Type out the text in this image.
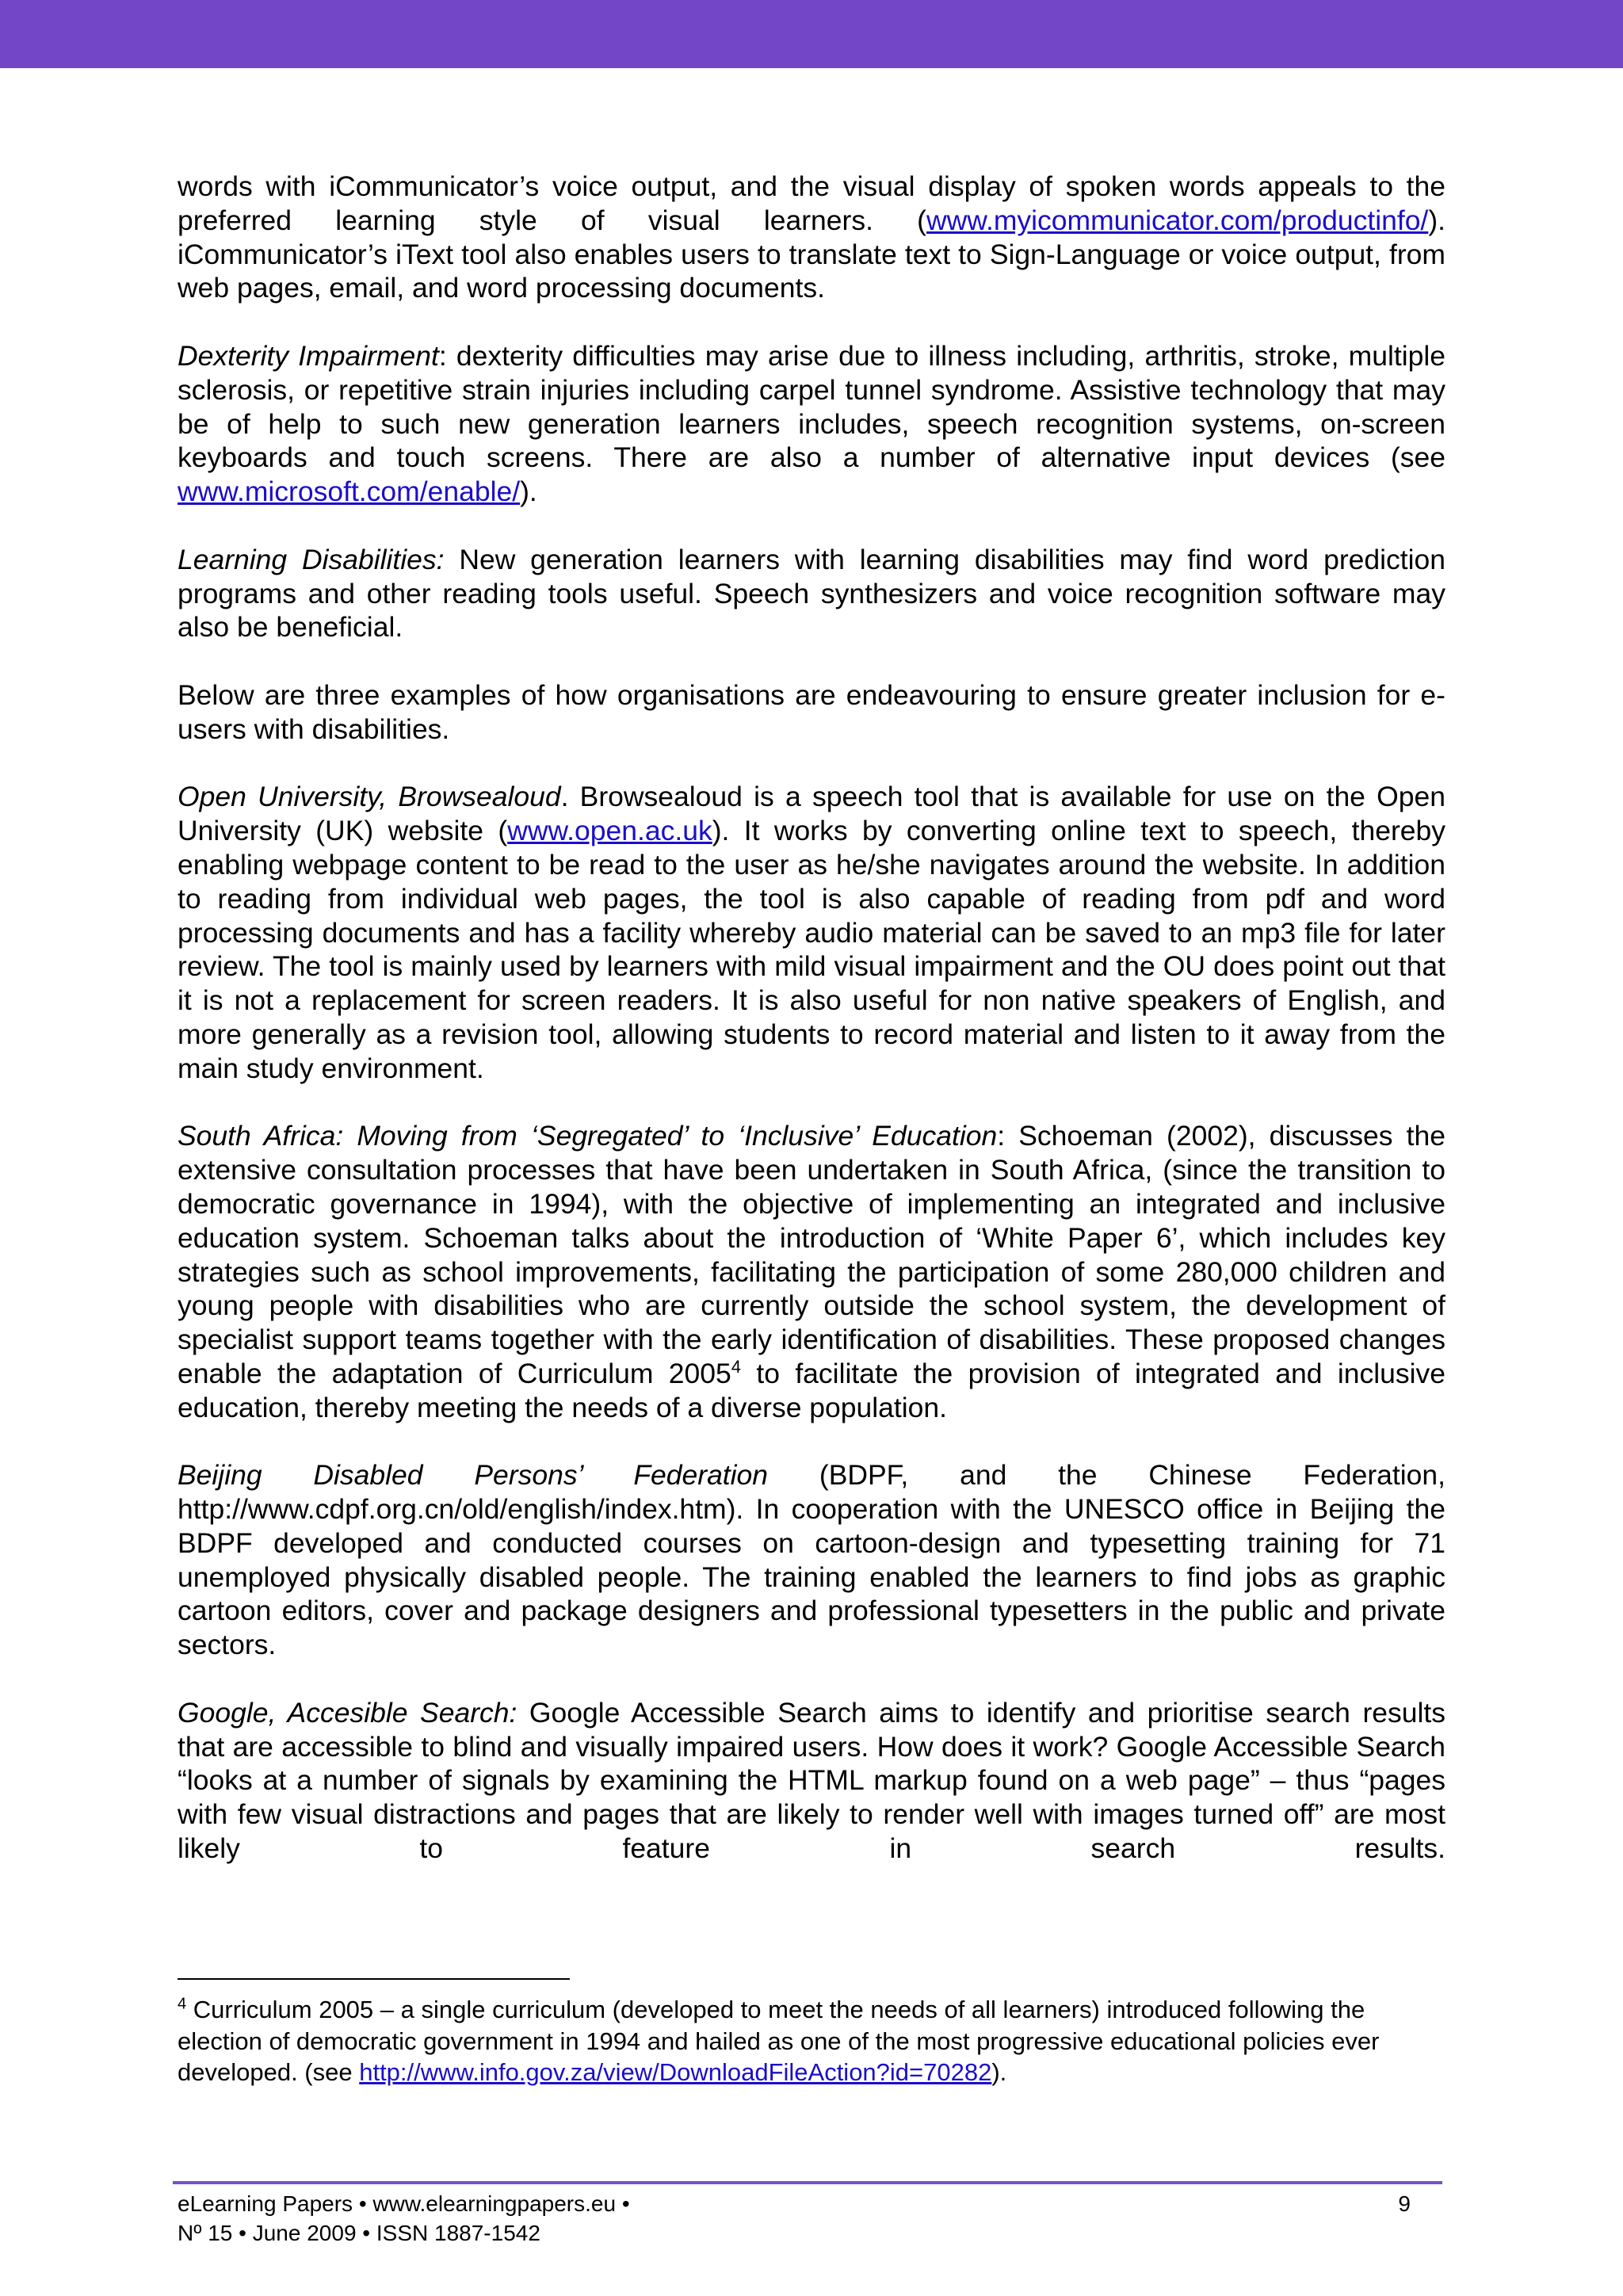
words with iCommunicator’s voice output, and the visual display of spoken words appeals to the preferred learning style of visual learners. (www.myicommunicator.com/productinfo/). iCommunicator’s iText tool also enables users to translate text to Sign-Language or voice output, from web pages, email, and word processing documents.

Dexterity Impairment: dexterity difficulties may arise due to illness including, arthritis, stroke, multiple sclerosis, or repetitive strain injuries including carpel tunnel syndrome. Assistive technology that may be of help to such new generation learners includes, speech recognition systems, on-screen keyboards and touch screens. There are also a number of alternative input devices (see www.microsoft.com/enable/).

Learning Disabilities: New generation learners with learning disabilities may find word prediction programs and other reading tools useful. Speech synthesizers and voice recognition software may also be beneficial.

Below are three examples of how organisations are endeavouring to ensure greater inclusion for e-users with disabilities.

Open University, Browsealoud. Browsealoud is a speech tool that is available for use on the Open University (UK) website (www.open.ac.uk). It works by converting online text to speech, thereby enabling webpage content to be read to the user as he/she navigates around the website. In addition to reading from individual web pages, the tool is also capable of reading from pdf and word processing documents and has a facility whereby audio material can be saved to an mp3 file for later review. The tool is mainly used by learners with mild visual impairment and the OU does point out that it is not a replacement for screen readers. It is also useful for non native speakers of English, and more generally as a revision tool, allowing students to record material and listen to it away from the main study environment.

South Africa: Moving from ‘Segregated’ to ‘Inclusive’ Education: Schoeman (2002), discusses the extensive consultation processes that have been undertaken in South Africa, (since the transition to democratic governance in 1994), with the objective of implementing an integrated and inclusive education system. Schoeman talks about the introduction of ‘White Paper 6’, which includes key strategies such as school improvements, facilitating the participation of some 280,000 children and young people with disabilities who are currently outside the school system, the development of specialist support teams together with the early identification of disabilities. These proposed changes enable the adaptation of Curriculum 2005$^4$ to facilitate the provision of integrated and inclusive education, thereby meeting the needs of a diverse population.

Beijing Disabled Persons’ Federation (BDPF, and the Chinese Federation, http://www.cdpf.org.cn/old/english/index.htm). In cooperation with the UNESCO office in Beijing the BDPF developed and conducted courses on cartoon-design and typesetting training for 71 unemployed physically disabled people. The training enabled the learners to find jobs as graphic cartoon editors, cover and package designers and professional typesetters in the public and private sectors.

Google, Accesible Search: Google Accessible Search aims to identify and prioritise search results that are accessible to blind and visually impaired users. How does it work? Google Accessible Search “looks at a number of signals by examining the HTML markup found on a web page” – thus “pages with few visual distractions and pages that are likely to render well with images turned off” are most likely to feature in search results.

$^4$ Curriculum 2005 – a single curriculum (developed to meet the needs of all learners) introduced following the election of democratic government in 1994 and hailed as one of the most progressive educational policies ever developed. (see http://www.info.gov.za/view/DownloadFileAction?id=70282).
eLearning Papers • www.elearningpapers.eu •
Nº 15 • June 2009 • ISSN 1887-1542
9
